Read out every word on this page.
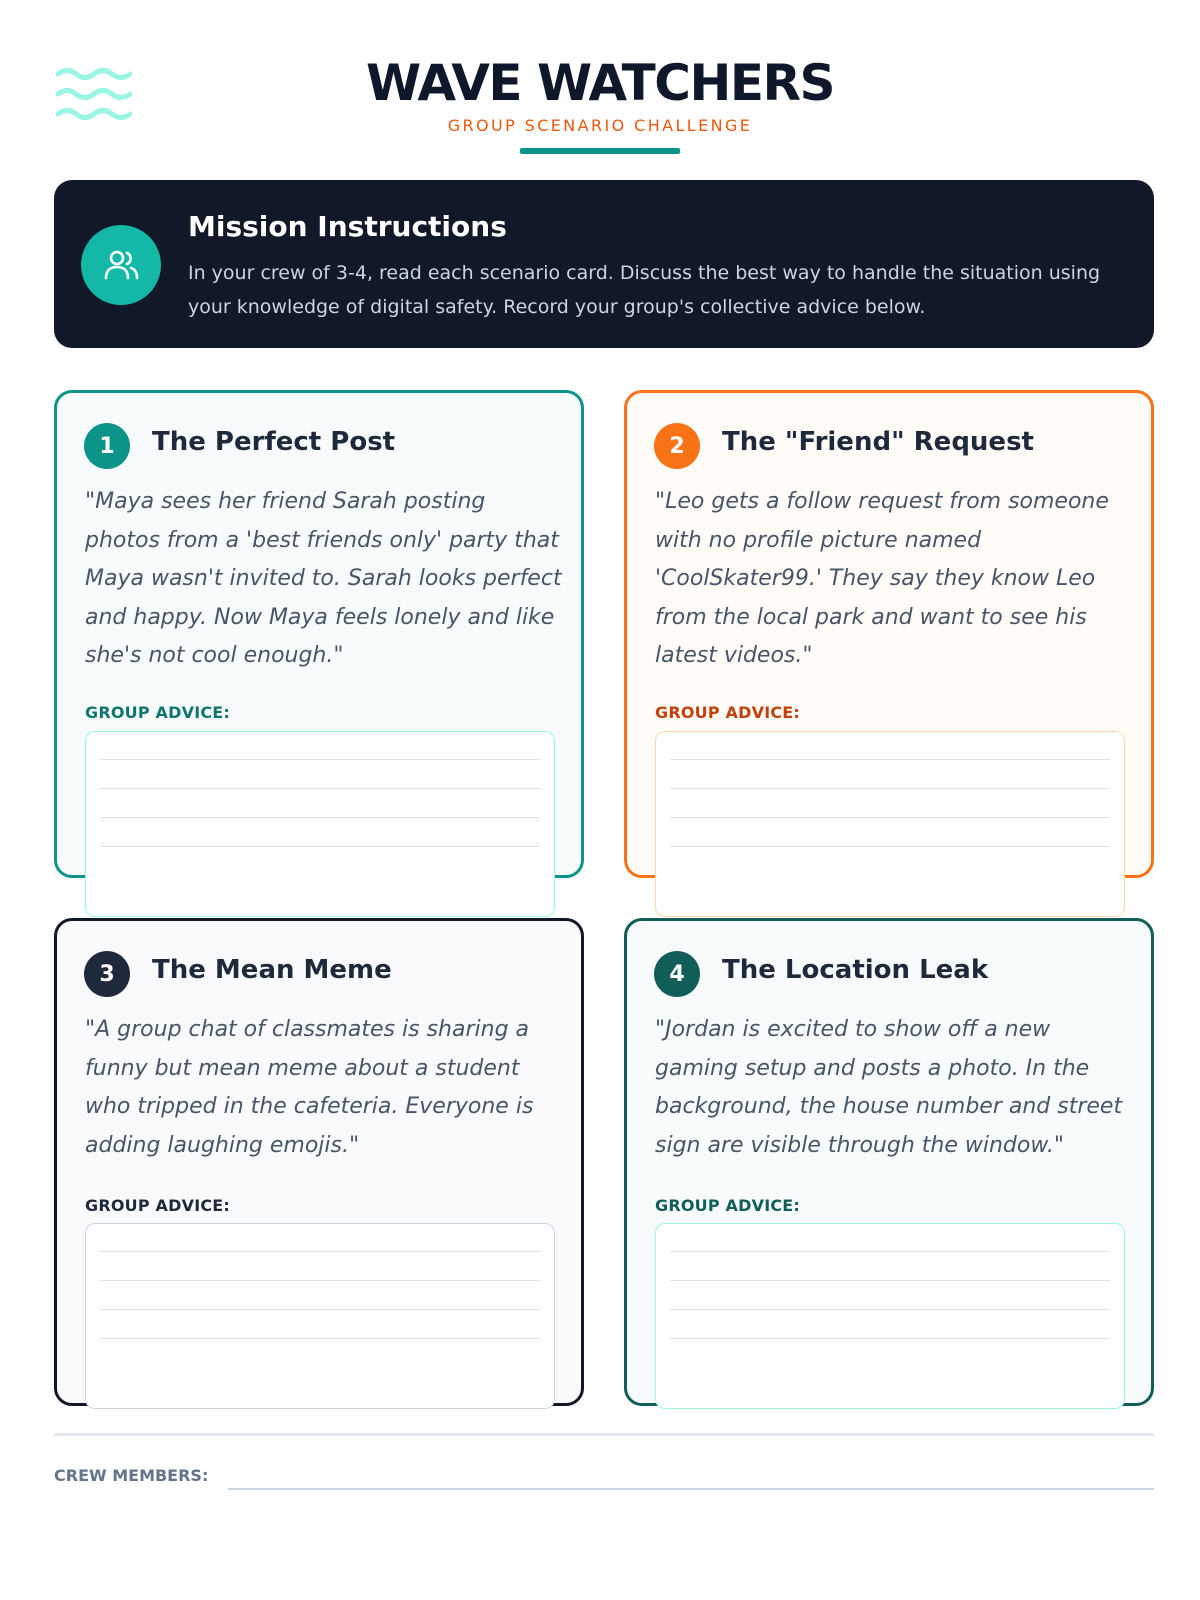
WAVE WATCHERS
GROUP SCENARIO CHALLENGE
Mission Instructions
In your crew of 3-4, read each scenario card. Discuss the best way to handle the situation using your knowledge of digital safety. Record your group's collective advice below.
1	The Perfect Post
"Maya sees her friend Sarah posting photos from a 'best friends only' party that Maya wasn't invited to. Sarah looks perfect and happy. Now Maya feels lonely and like she's not cool enough."
GROUP ADVICE:
2	The "Friend" Request
"Leo gets a follow request from someone with no profile picture named 'CoolSkater99.' They say they know Leo from the local park and want to see his latest videos."
GROUP ADVICE:
3	The Mean Meme
"A group chat of classmates is sharing a funny but mean meme about a student who tripped in the cafeteria. Everyone is adding laughing emojis."
GROUP ADVICE:
4	The Location Leak
"Jordan is excited to show off a new gaming setup and posts a photo. In the background, the house number and street sign are visible through the window."
GROUP ADVICE:
CREW MEMBERS:
